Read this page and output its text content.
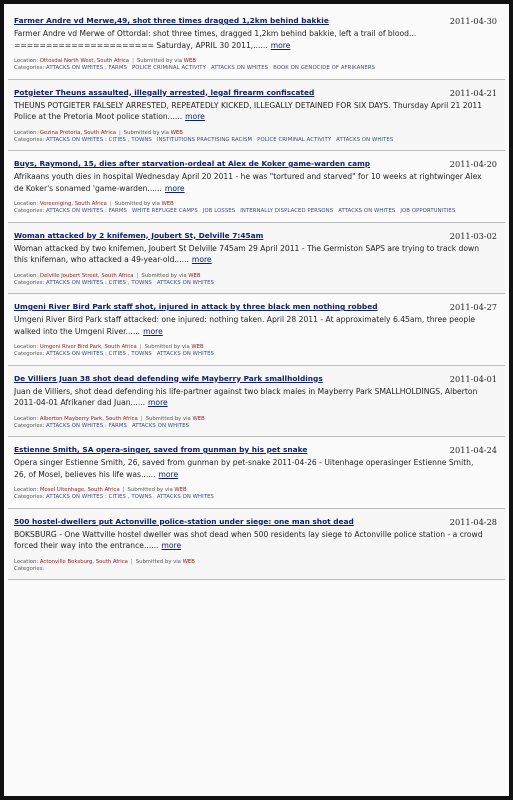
Farmer Andre vd Merwe,49, shot three times dragged 1,2km behind bakkie	2011-04-30
Farmer Andre vd Merwe of Ottordal: shot three times, dragged 1,2km behind bakkie, left a trail of blood... ====================== Saturday, APRIL 30 2011,...... more
Location: Ottosdal North West, South Africa | Submitted by via WEB
Categories: ATTACKS ON WHITES : FARMS POLICE CRIMINAL ACTIVITY ATTACKS ON WHITES BOOK ON GENOCIDE OF AFRIKANERS
Potgieter Theuns assaulted, illegally arrested, legal firearm confiscated	2011-04-21
THEUNS POTGIETER FALSELY ARRESTED, REPEATEDLY KICKED, ILLEGALLY DETAINED FOR SIX DAYS. Thursday April 21 2011 Police at the Pretoria Moot police station...... more
Location: Gezina Pretoria, South Africa | Submitted by via WEB
Categories: ATTACKS ON WHITES : CITIES , TOWNS INSTITUTIONS PRACTISING RACISM POLICE CRIMINAL ACTIVITY ATTACKS ON WHITES
Buys, Raymond, 15, dies after starvation-ordeal at Alex de Koker game-warden camp	2011-04-20
Afrikaans youth dies in hospital Wednesday April 20 2011 - he was "tortured and starved" for 10 weeks at rightwinger Alex de Koker's sonamed 'game-warden...... more
Location: Vereeniging, South Africa | Submitted by via WEB
Categories: ATTACKS ON WHITES : FARMS WHITE REFUGEE CAMPS JOB LOSSES INTERNALLY DISPLACED PERSONS ATTACKS ON WHITES JOB OPPORTUNITIES
Woman attacked by 2 knifemen, Joubert St, Delville 7:45am	2011-03-02
Woman attacked by two knifemen, Joubert St Delville 745am 29 April 2011 - The Germiston SAPS are trying to track down this knifeman, who attacked a 49-year-old...... more
Location: Delville Joubert Street, South Africa | Submitted by via WEB
Categories: ATTACKS ON WHITES : CITIES , TOWNS ATTACKS ON WHITES
Umgeni River Bird Park staff shot, injured in attack by three black men nothing robbed	2011-04-27
Umgeni River Bird Park staff attacked: one injured: nothing taken. April 28 2011 - At approximately 6.45am, three people walked into the Umgeni River...... more
Location: Umgeni River Bird Park, South Africa | Submitted by via WEB
Categories: ATTACKS ON WHITES : CITIES , TOWNS ATTACKS ON WHITES
De Villiers Juan 38 shot dead defending wife Mayberry Park smallholdings	2011-04-01
Juan de Villiers, shot dead defending his life-partner against two black males in Mayberry Park SMALLHOLDINGS, Alberton 2011-04-01 Afrikaner dad Juan...... more
Location: Alberton Mayberry Park, South Africa | Submitted by via WEB
Categories: ATTACKS ON WHITES : FARMS ATTACKS ON WHITES
Estienne Smith, SA opera-singer, saved from gunman by his pet snake	2011-04-24
Opera singer Estienne Smith, 26, saved from gunman by pet-snake 2011-04-26 - Uitenhage operasinger Estienne Smith, 26, of Mosel, believes his life was...... more
Location: Mosel Uitenhage, South Africa | Submitted by via WEB
Categories: ATTACKS ON WHITES : CITIES , TOWNS ATTACKS ON WHITES
500 hostel-dwellers put Actonville police-station under siege: one man shot dead	2011-04-28
BOKSBURG - One Wattville hostel dweller was shot dead when 500 residents lay siege to Actonville police station - a crowd forced their way into the entrance...... more
Location: Actonville Boksburg, South Africa | Submitted by via WEB
Categories:
